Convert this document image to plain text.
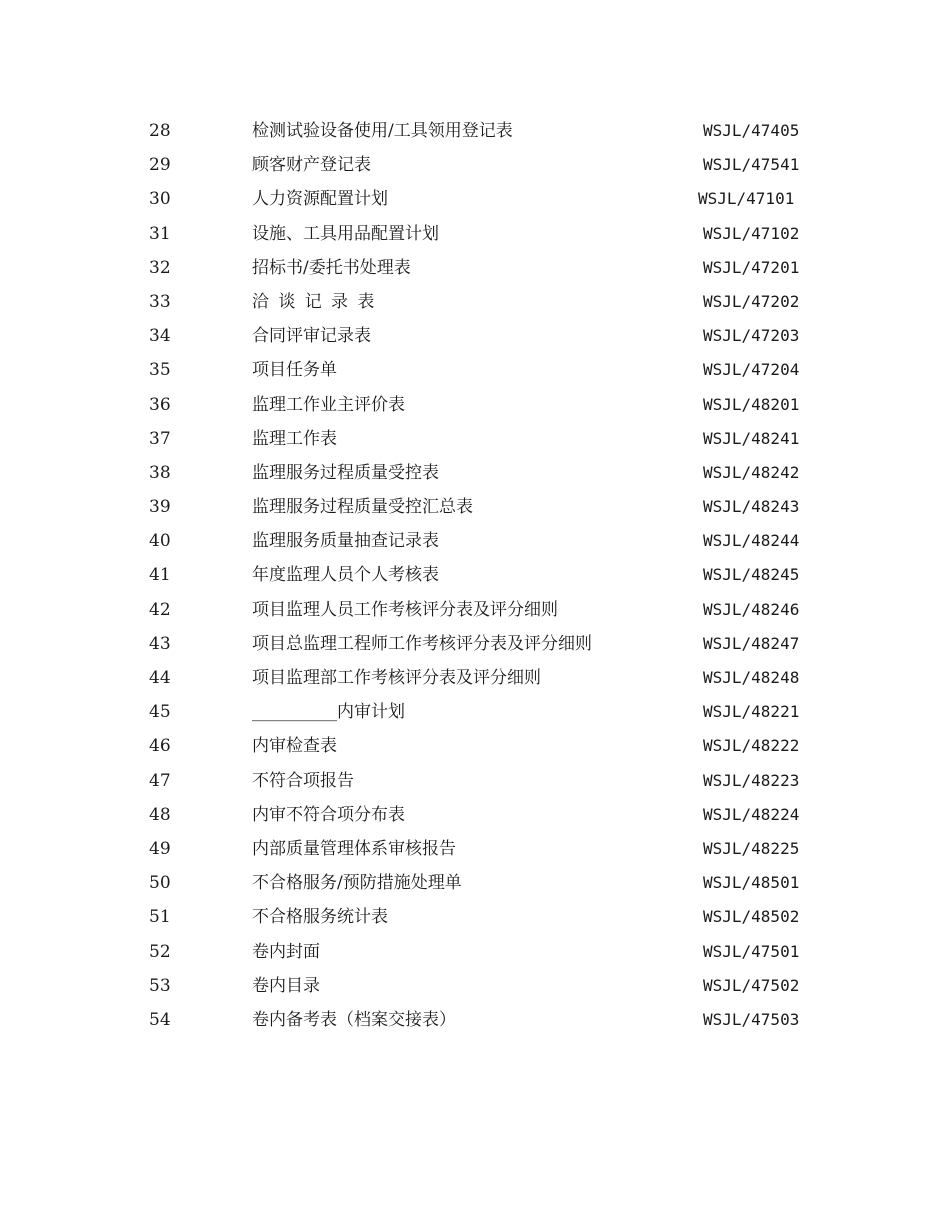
28	检测试验设备使用/工具领用登记表	WSJL/47405
29	顾客财产登记表	WSJL/47541
30	人力资源配置计划	WSJL/47101
31	设施、工具用品配置计划	WSJL/47102
32	招标书/委托书处理表	WSJL/47201
33	洽谈记录表	WSJL/47202
34	合同评审记录表	WSJL/47203
35	项目任务单	WSJL/47204
36	监理工作业主评价表	WSJL/48201
37	监理工作表	WSJL/48241
38	监理服务过程质量受控表	WSJL/48242
39	监理服务过程质量受控汇总表	WSJL/48243
40	监理服务质量抽查记录表	WSJL/48244
41	年度监理人员个人考核表	WSJL/48245
42	项目监理人员工作考核评分表及评分细则	WSJL/48246
43	项目总监理工程师工作考核评分表及评分细则	WSJL/48247
44	项目监理部工作考核评分表及评分细则	WSJL/48248
45	__________内审计划	WSJL/48221
46	内审检查表	WSJL/48222
47	不符合项报告	WSJL/48223
48	内审不符合项分布表	WSJL/48224
49	内部质量管理体系审核报告	WSJL/48225
50	不合格服务/预防措施处理单	WSJL/48501
51	不合格服务统计表	WSJL/48502
52	卷内封面	WSJL/47501
53	卷内目录	WSJL/47502
54	卷内备考表（档案交接表）	WSJL/47503
